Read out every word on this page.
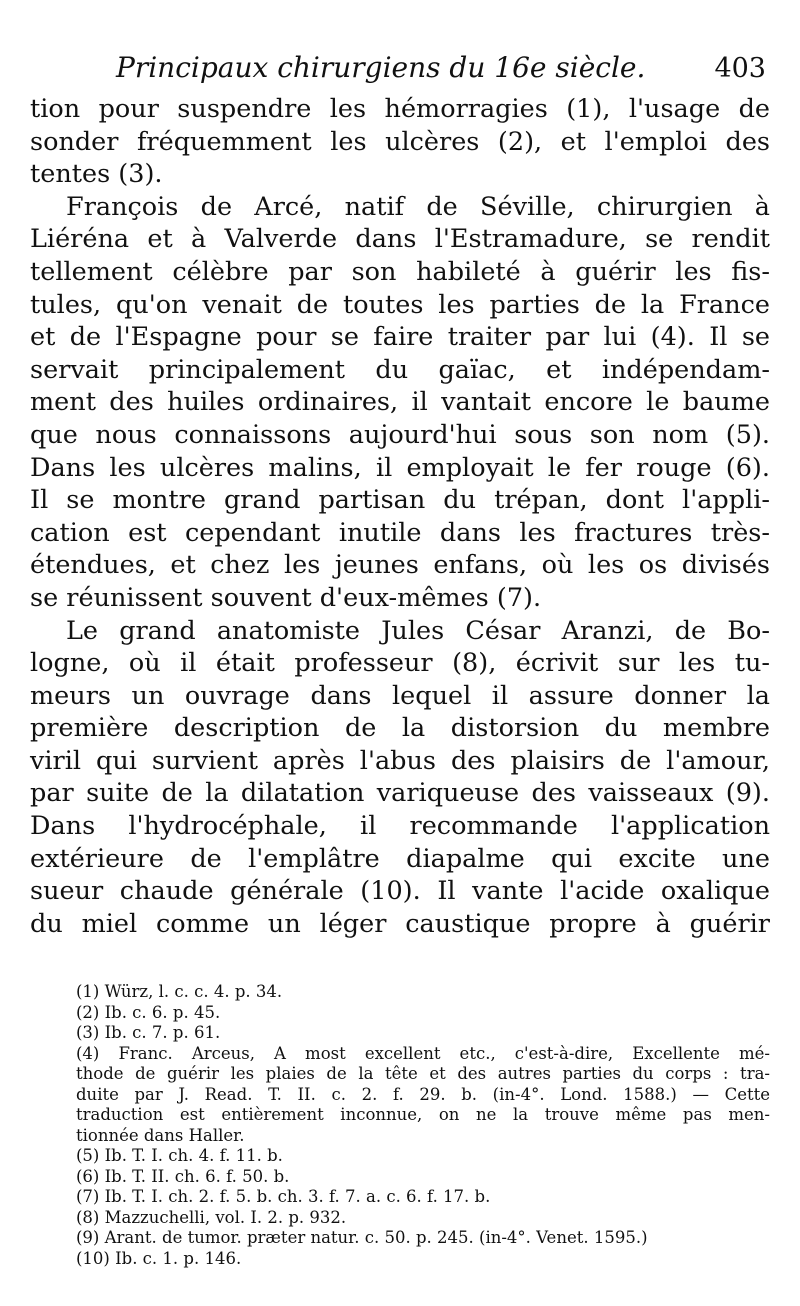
Principaux chirurgiens du 16e siècle.	403
tion pour suspendre les hémorragies (1), l'usage de
sonder fréquemment les ulcères (2), et l'emploi des
tentes (3).
François de Arcé, natif de Séville, chirurgien à
Liéréna et à Valverde dans l'Estramadure, se rendit
tellement célèbre par son habileté à guérir les fis-
tules, qu'on venait de toutes les parties de la France
et de l'Espagne pour se faire traiter par lui (4). Il se
servait principalement du gaïac, et indépendam-
ment des huiles ordinaires, il vantait encore le baume
que nous connaissons aujourd'hui sous son nom (5).
Dans les ulcères malins, il employait le fer rouge (6).
Il se montre grand partisan du trépan, dont l'appli-
cation est cependant inutile dans les fractures très-
étendues, et chez les jeunes enfans, où les os divisés
se réunissent souvent d'eux-mêmes (7).
Le grand anatomiste Jules César Aranzi, de Bo-
logne, où il était professeur (8), écrivit sur les tu-
meurs un ouvrage dans lequel il assure donner la
première description de la distorsion du membre
viril qui survient après l'abus des plaisirs de l'amour,
par suite de la dilatation variqueuse des vaisseaux (9).
Dans l'hydrocéphale, il recommande l'application
extérieure de l'emplâtre diapalme qui excite une
sueur chaude générale (10). Il vante l'acide oxalique
du miel comme un léger caustique propre à guérir
(1) Würz, l. c. c. 4. p. 34.
(2) Ib. c. 6. p. 45.
(3) Ib. c. 7. p. 61.
(4) Franc. Arceus, A most excellent etc., c'est-à-dire, Excellente mé-
thode de guérir les plaies de la tête et des autres parties du corps : tra-
duite par J. Read. T. II. c. 2. f. 29. b. (in-4°. Lond. 1588.) — Cette
traduction est entièrement inconnue, on ne la trouve même pas men-
tionnée dans Haller.
(5) Ib. T. I. ch. 4. f. 11. b.
(6) Ib. T. II. ch. 6. f. 50. b.
(7) Ib. T. I. ch. 2. f. 5. b. ch. 3. f. 7. a. c. 6. f. 17. b.
(8) Mazzuchelli, vol. I. 2. p. 932.
(9) Arant. de tumor. præter natur. c. 50. p. 245. (in-4°. Venet. 1595.)
(10) Ib. c. 1. p. 146.
